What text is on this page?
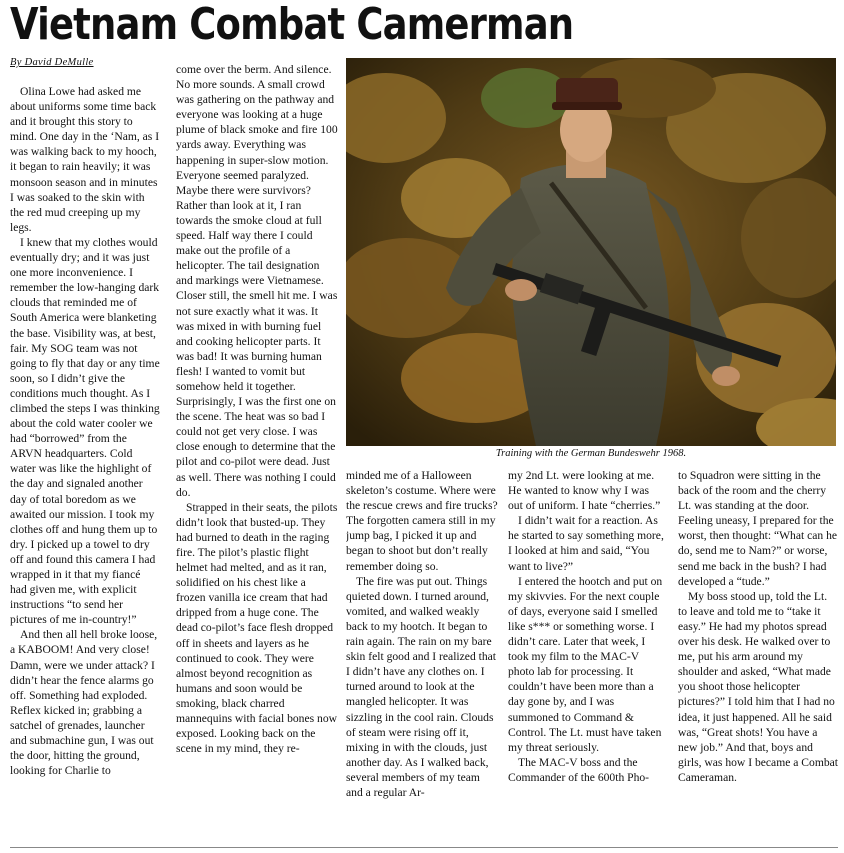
Vietnam Combat Camerman
By David DeMulle

Olina Lowe had asked me about uniforms some time back and it brought this story to mind. One day in the ‘Nam, as I was walking back to my hooch, it began to rain heavily; it was monsoon season and in minutes I was soaked to the skin with the red mud creeping up my legs.

I knew that my clothes would eventually dry; and it was just one more inconvenience. I remember the low-hanging dark clouds that reminded me of South America were blanketing the base. Visibility was, at best, fair. My SOG team was not going to fly that day or any time soon, so I didn’t give the conditions much thought. As I climbed the steps I was thinking about the cold water cooler we had “borrowed” from the ARVN headquarters. Cold water was like the highlight of the day and signaled another day of total boredom as we awaited our mission. I took my clothes off and hung them up to dry. I picked up a towel to dry off and found this camera I had wrapped in it that my fiancé had given me, with explicit instructions “to send her pictures of me in-country!”

And then all hell broke loose, a KABOOM! And very close! Damn, were we under attack? I didn’t hear the fence alarms go off. Something had exploded. Reflex kicked in; grabbing a satchel of grenades, launcher and submachine gun, I was out the door, hitting the ground, looking for Charlie to

come over the berm. And silence. No more sounds. A small crowd was gathering on the pathway and everyone was looking at a huge plume of black smoke and fire 100 yards away. Everything was happening in super-slow motion. Everyone seemed paralyzed. Maybe there were survivors? Rather than look at it, I ran towards the smoke cloud at full speed. Half way there I could make out the profile of a helicopter. The tail designation and markings were Vietnamese. Closer still, the smell hit me. I was not sure exactly what it was. It was mixed in with burning fuel and cooking helicopter parts. It was bad! It was burning human flesh! I wanted to vomit but somehow held it together. Surprisingly, I was the first one on the scene. The heat was so bad I could not get very close. I was close enough to determine that the pilot and co-pilot were dead. Just as well. There was nothing I could do.

Strapped in their seats, the pilots didn’t look that busted-up. They had burned to death in the raging fire. The pilot’s plastic flight helmet had melted, and as it ran, solidified on his chest like a frozen vanilla ice cream that had dripped from a huge cone. The dead co-pilot’s face flesh dropped off in sheets and layers as he continued to cook. They were almost beyond recognition as humans and soon would be smoking, black charred mannequins with facial bones now exposed. Looking back on the scene in my mind, they re-

Training with the German Bundeswehr 1968.

minded me of a Halloween skeleton’s costume. Where were the rescue crews and fire trucks? The forgotten camera still in my jump bag, I picked it up and began to shoot but don’t really remember doing so.

The fire was put out. Things quieted down. I turned around, vomited, and walked weakly back to my hootch. It began to rain again. The rain on my bare skin felt good and I realized that I didn’t have any clothes on. I turned around to look at the mangled helicopter. It was sizzling in the cool rain. Clouds of steam were rising off it, mixing in with the clouds, just another day. As I walked back, several members of my team and a regular Ar-

my 2nd Lt. were looking at me. He wanted to know why I was out of uniform. I hate “cherries.”

I didn’t wait for a reaction. As he started to say something more, I looked at him and said, “You want to live?”

I entered the hootch and put on my skivvies. For the next couple of days, everyone said I smelled like s*** or something worse. I didn’t care. Later that week, I took my film to the MAC-V photo lab for processing. It couldn’t have been more than a day gone by, and I was summoned to Command & Control. The Lt. must have taken my threat seriously.

The MAC-V boss and the Commander of the 600th Pho-

to Squadron were sitting in the back of the room and the cherry Lt. was standing at the door. Feeling uneasy, I prepared for the worst, then thought: “What can he do, send me to Nam?” or worse, send me back in the bush? I had developed a “tude.”

My boss stood up, told the Lt. to leave and told me to “take it easy.” He had my photos spread over his desk. He walked over to me, put his arm around my shoulder and asked, “What made you shoot those helicopter pictures?” I told him that I had no idea, it just happened. All he said was, “Great shots! You have a new job.” And that, boys and girls, was how I became a Combat Cameraman.
